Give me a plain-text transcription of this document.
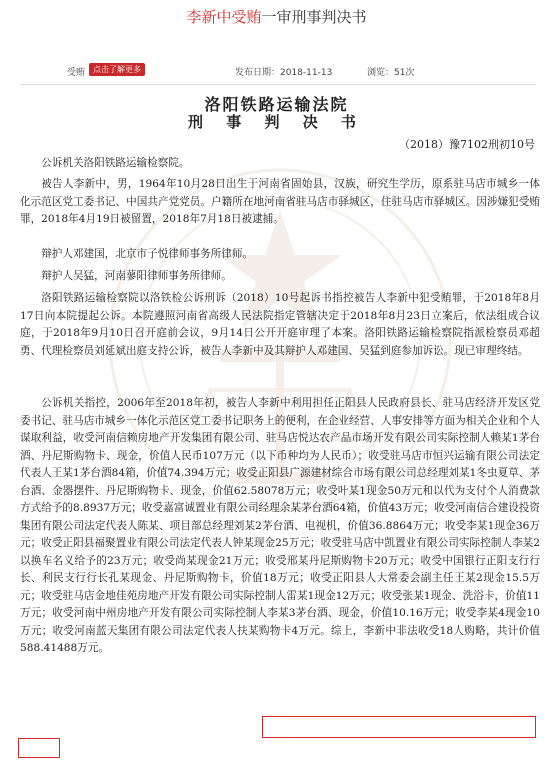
李新中受贿一审刑事判决书
受贿 点击了解更多	发布日期：2018-11-13	浏览：51次
洛阳铁路运输法院
刑 事 判 决 书
（2018）豫7102刑初10号

公诉机关洛阳铁路运输检察院。

被告人李新中，男，1964年10月28日出生于河南省固始县，汉族，研究生学历，原系驻马店市城乡一体化示范区党工委书记、中国共产党党员。户籍所在地河南省驻马店市驿城区，住驻马店市驿城区。因涉嫌犯受贿罪，2018年4月19日被留置，2018年7月18日被逮捕。

辩护人邓建国，北京市子悦律师事务所律师。

辩护人吴猛，河南蓼阳律师事务所律师。

洛阳铁路运输检察院以洛铁检公诉刑诉（2018）10号起诉书指控被告人李新中犯受贿罪，于2018年8月17日向本院提起公诉。本院遵照河南省高级人民法院指定管辖决定于2018年8月23日立案后，依法组成合议庭，于2018年9月10日召开庭前会议，9月14日公开开庭审理了本案。洛阳铁路运输检察院指派检察员邓超勇、代理检察员刘延斌出庭支持公诉，被告人李新中及其辩护人邓建国、吴猛到庭参加诉讼。现已审理终结。

公诉机关指控，2006年至2018年初，被告人李新中利用担任正阳县人民政府县长、驻马店经济开发区党委书记、驻马店市城乡一体化示范区党工委书记职务上的便利，在企业经营、人事安排等方面为相关企业和个人谋取利益，收受河南信赖房地产开发集团有限公司、驻马店悦达农产品市场开发有限公司实际控制人赖某1茅台酒、丹尼斯购物卡、现金，价值人民币107万元（以下币种均为人民币）；收受驻马店市恒兴运输有限公司法定代表人王某1茅台酒84箱，价值74.394万元；收受正阳县广源建材综合市场有限公司总经理刘某1冬虫夏草、茅台酒、金器摆件、丹尼斯购物卡、现金，价值62.58078万元；收受叶某1现金50万元和以代为支付个人消费款方式给予的8.8937万元；收受嘉富诚置业有限公司经理余某茅台酒64箱，价值43万元；收受河南信合建设投资集团有限公司法定代表人陈某、项目部总经理刘某2茅台酒、电视机，价值36.8864万元；收受李某1现金36万元；收受正阳县福聚置业有限公司法定代表人钟某现金25万元；收受驻马店中凯置业有限公司实际控制人李某2以换车名义给予的23万元；收受尚某现金21万元；收受邢某丹尼斯购物卡20万元；收受中国银行正阳支行行长、利民支行行长孔某现金、丹尼斯购物卡，价值18万元；收受正阳县人大常委会副主任王某2现金15.5万元；收受驻马店金地佳苑房地产开发有限公司实际控制人雷某1现金12万元；收受张某1现金、洗浴卡，价值11万元；收受河南中州房地产开发有限公司实际控制人李某3茅台酒、现金，价值10.16万元；收受李某4现金10万元；收受河南蓝天集团有限公司法定代表人扶某购物卡4万元。综上，李新中非法收受18人购略，共计价值588.41488万元。
